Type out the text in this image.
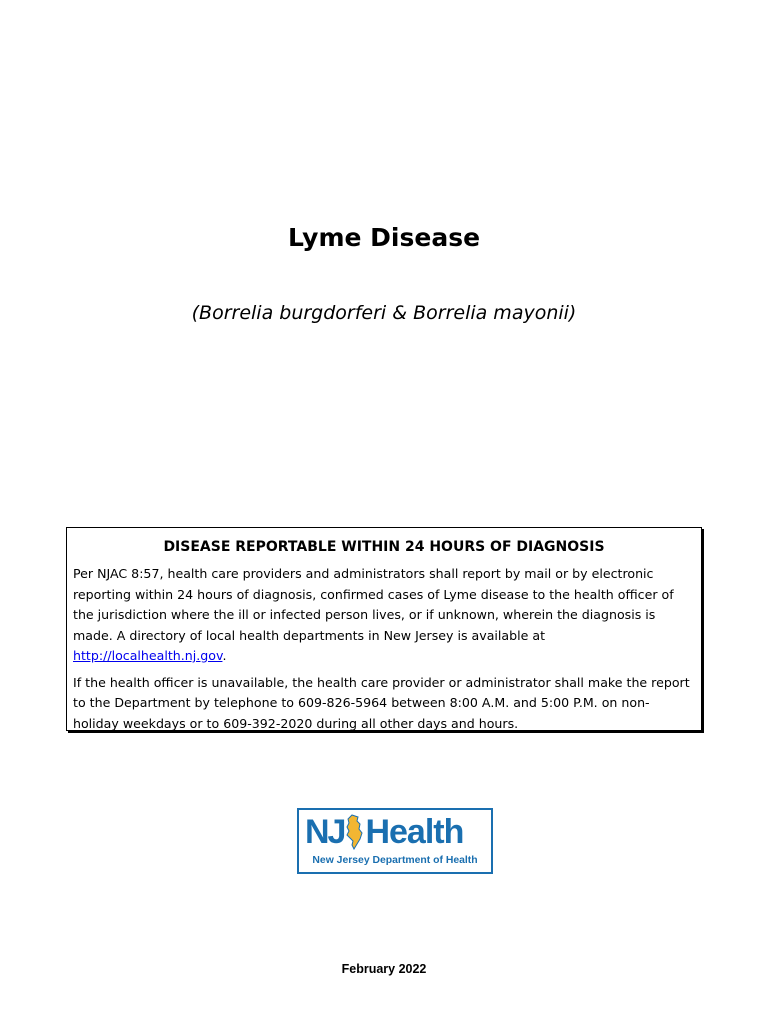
Lyme Disease
(Borrelia burgdorferi & Borrelia mayonii)
DISEASE REPORTABLE WITHIN 24 HOURS OF DIAGNOSIS

Per NJAC 8:57, health care providers and administrators shall report by mail or by electronic reporting within 24 hours of diagnosis, confirmed cases of Lyme disease to the health officer of the jurisdiction where the ill or infected person lives, or if unknown, wherein the diagnosis is made. A directory of local health departments in New Jersey is available at http://localhealth.nj.gov.

If the health officer is unavailable, the health care provider or administrator shall make the report to the Department by telephone to 609-826-5964 between 8:00 A.M. and 5:00 P.M. on non-holiday weekdays or to 609-392-2020 during all other days and hours.

NJ Health
New Jersey Department of Health
February 2022
